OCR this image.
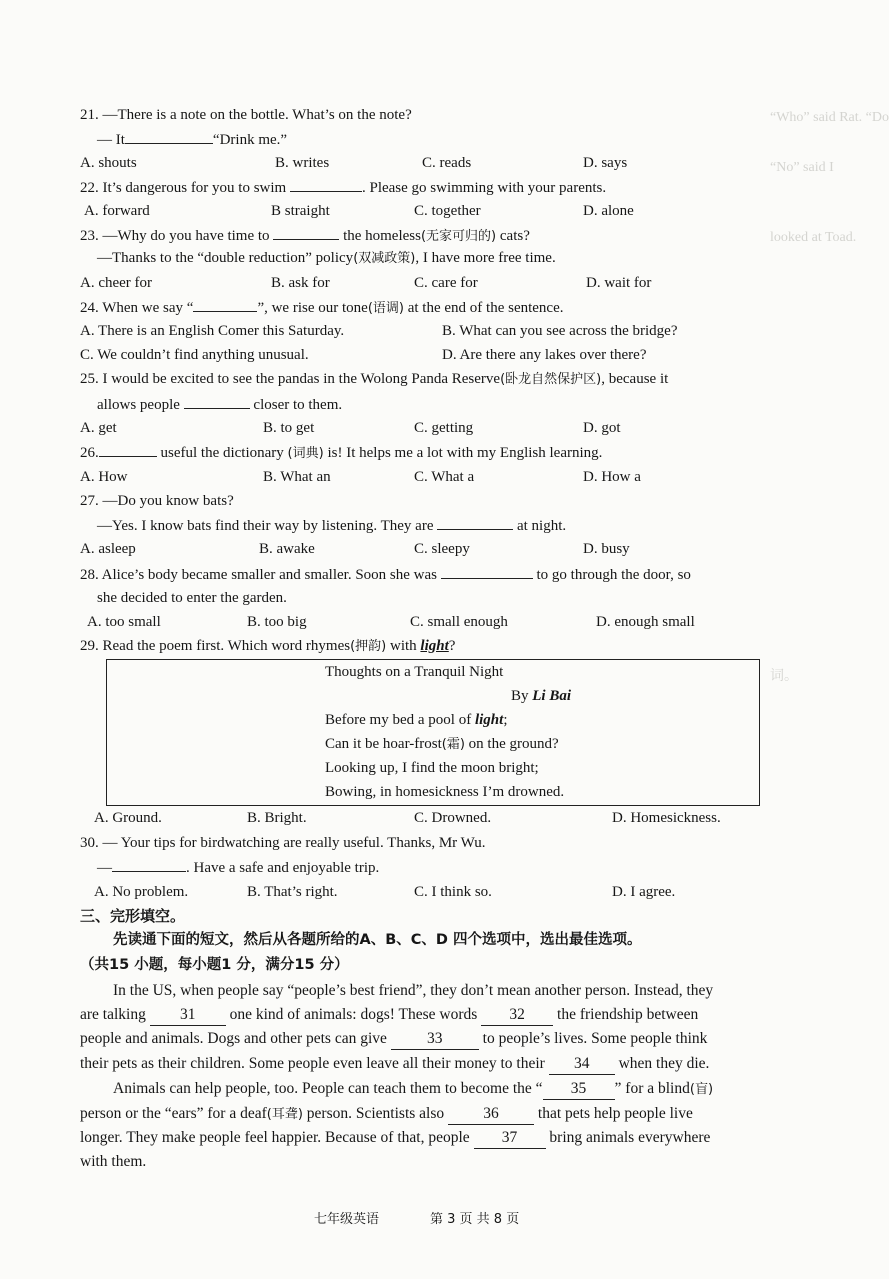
“Who” said Rat. “Do
“No” said I
looked at Toad.
词。
21. —There is a note on the bottle. What’s on the note?
— It	“Drink me.”
A. shouts	B. writes	C. reads	D. says
22. It’s dangerous for you to swim	. Please go swimming with your parents.
A. forward	B straight	C. together	D. alone
23. —Why do you have time to	the homeless(无家可归的) cats?
—Thanks to the “double reduction” policy(双减政策), I have more free time.
A. cheer for	B. ask for	C. care for	D. wait for
24. When we say “	”, we rise our tone(语调) at the end of the sentence.
A. There is an English Comer this Saturday.	B. What can you see across the bridge?
C. We couldn’t find anything unusual.	D. Are there any lakes over there?
25. I would be excited to see the pandas in the Wolong Panda Reserve(卧龙自然保护区), because it
allows people	closer to them.
A. get	B. to get	C. getting	D. got
26.	useful the dictionary (词典) is! It helps me a lot with my English learning.
A. How	B. What an	C. What a	D. How a
27. —Do you know bats?
—Yes. I know bats find their way by listening. They are	at night.
A. asleep	B. awake	C. sleepy	D. busy
28. Alice’s body became smaller and smaller. Soon she was	to go through the door, so
she decided to enter the garden.
A. too small	B. too big	C. small enough	D. enough small
29. Read the poem first. Which word rhymes(押韵) with light?
Thoughts on a Tranquil Night
By Li Bai
Before my bed a pool of light;
Can it be hoar-frost(霜) on the ground?
Looking up, I find the moon bright;
Bowing, in homesickness I’m drowned.
A. Ground.	B. Bright.	C. Drowned.	D. Homesickness.
30. — Your tips for birdwatching are really useful. Thanks, Mr Wu.
—	. Have a safe and enjoyable trip.
A. No problem.	B. That’s right.	C. I think so.	D. I agree.
三、完形填空。
先读通下面的短文，然后从各题所给的A、B、C、D 四个选项中，选出最佳选项。
（共15 小题，每小题1 分，满分15 分）
In the US, when people say “people’s best friend”, they don’t mean another person. Instead, they
are talking 31 one kind of animals: dogs! These words 32 the friendship between
people and animals. Dogs and other pets can give	33	to people’s lives. Some people think
their pets as their children. Some people even leave all their money to their 34 when they die.
Animals can help people, too. People can teach them to become the “ 35 ” for a blind(盲)
person or the “ears” for a deaf(耳聋) person. Scientists also	36	that pets help people live
longer. They make people feel happier. Because of that, people 37 bring animals everywhere
with them.
七年级英语	第 3 页 共 8 页
